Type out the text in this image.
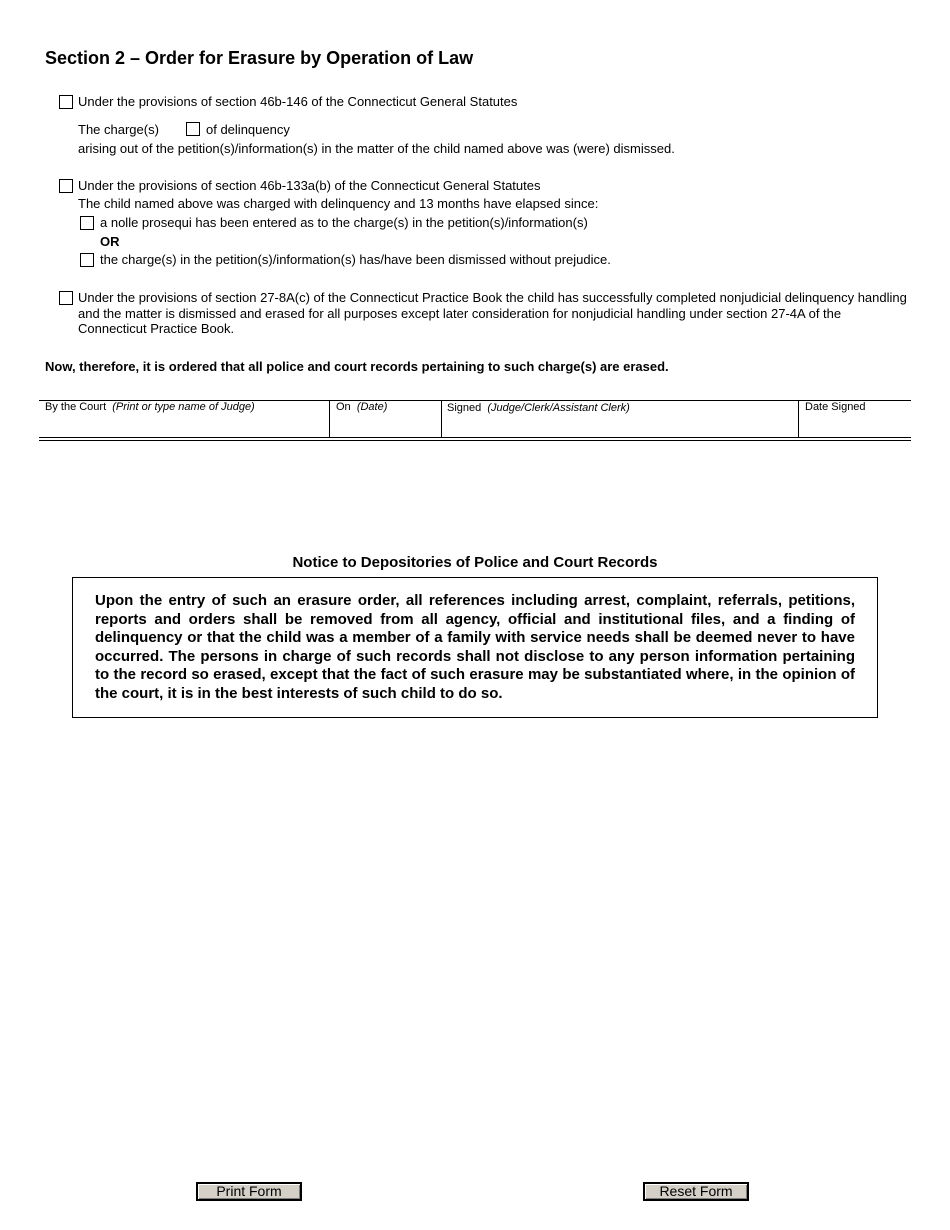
Section 2 – Order for Erasure by Operation of Law
Under the provisions of section 46b-146 of the Connecticut General Statutes
The charge(s)	of delinquency
arising out of the petition(s)/information(s) in the matter of the child named above was (were) dismissed.
Under the provisions of section 46b-133a(b) of the Connecticut General Statutes
The child named above was charged with delinquency and 13 months have elapsed since:
a nolle prosequi has been entered as to the charge(s) in the petition(s)/information(s)
OR
the charge(s) in the petition(s)/information(s) has/have been dismissed without prejudice.
Under the provisions of section 27-8A(c) of the Connecticut Practice Book the child has successfully completed nonjudicial delinquency handling and the matter is dismissed and erased for all purposes except later consideration for nonjudicial handling under section 27-4A of the Connecticut Practice Book.
Now, therefore, it is ordered that all police and court records pertaining to such charge(s) are erased.
By the Court (Print or type name of Judge)	On (Date)	Signed (Judge/Clerk/Assistant Clerk)	Date Signed
Notice to Depositories of Police and Court Records

Upon the entry of such an erasure order, all references including arrest, complaint, referrals, petitions, reports and orders shall be removed from all agency, official and institutional files, and a finding of delinquency or that the child was a member of a family with service needs shall be deemed never to have occurred. The persons in charge of such records shall not disclose to any person information pertaining to the record so erased, except that the fact of such erasure may be substantiated where, in the opinion of the court, it is in the best interests of such child to do so.

Print Form	Reset Form
